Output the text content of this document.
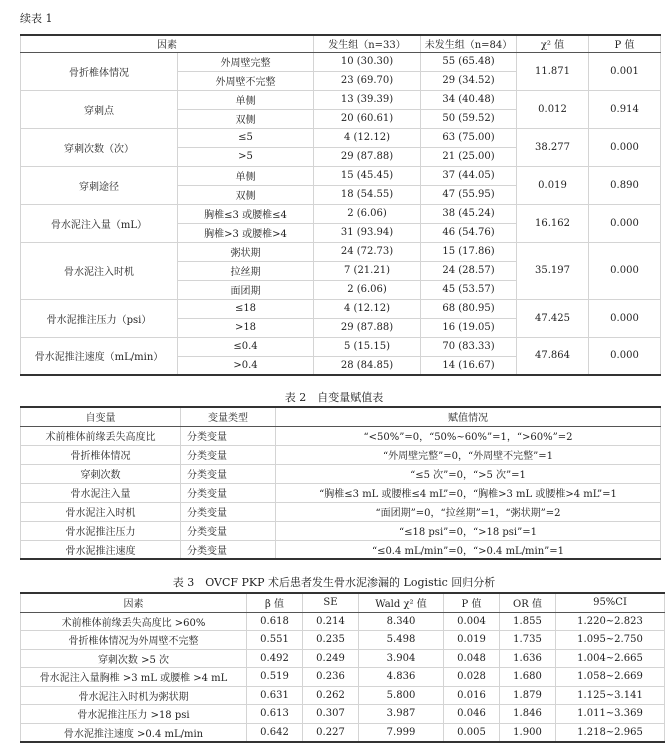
续表 1
因素		发生组（n=33）	未发生组（n=84）	χ² 值	P 值
骨折椎体情况	外周壁完整	10 (30.30)	55 (65.48)	11.871	0.001
	外周壁不完整	23 (69.70)	29 (34.52)		
穿刺点	单侧	13 (39.39)	34 (40.48)	0.012	0.914
	双侧	20 (60.61)	50 (59.52)		
穿刺次数（次）	≤5	4 (12.12)	63 (75.00)	38.277	0.000
	>5	29 (87.88)	21 (25.00)		
穿刺途径	单侧	15 (45.45)	37 (44.05)	0.019	0.890
	双侧	18 (54.55)	47 (55.95)		
骨水泥注入量（mL）	胸椎≤3 或腰椎≤4	2 (6.06)	38 (45.24)	16.162	0.000
	胸椎>3 或腰椎>4	31 (93.94)	46 (54.76)		
骨水泥注入时机	粥状期	24 (72.73)	15 (17.86)	35.197	0.000
	拉丝期	7 (21.21)	24 (28.57)		
	面团期	2 (6.06)	45 (53.57)		
骨水泥推注压力（psi）	≤18	4 (12.12)	68 (80.95)	47.425	0.000
	>18	29 (87.88)	16 (19.05)		
骨水泥推注速度（mL/min）	≤0.4	5 (15.15)	70 (83.33)	47.864	0.000
	>0.4	28 (84.85)	14 (16.67)		
表 2　自变量赋值表
自变量	变量类型	赋值情况
术前椎体前缘丢失高度比	分类变量	“<50%”=0，“50%~60%”=1，“>60%”=2
骨折椎体情况	分类变量	“外周壁完整”=0，“外周壁不完整”=1
穿刺次数	分类变量	“≤5 次”=0，“>5 次”=1
骨水泥注入量	分类变量	“胸椎≤3 mL 或腰椎≤4 mL”=0，“胸椎>3 mL 或腰椎>4 mL”=1
骨水泥注入时机	分类变量	“面团期”=0，“拉丝期”=1，“粥状期”=2
骨水泥推注压力	分类变量	“≤18 psi”=0，“>18 psi”=1
骨水泥推注速度	分类变量	“≤0.4 mL/min”=0，“>0.4 mL/min”=1
表 3　OVCF PKP 术后患者发生骨水泥渗漏的 Logistic 回归分析
因素	β 值	SE	Wald χ² 值	P 值	OR 值	95%CI
术前椎体前缘丢失高度比 >60%	0.618	0.214	8.340	0.004	1.855	1.220~2.823
骨折椎体情况为外周壁不完整	0.551	0.235	5.498	0.019	1.735	1.095~2.750
穿刺次数 >5 次	0.492	0.249	3.904	0.048	1.636	1.004~2.665
骨水泥注入量胸椎 >3 mL 或腰椎 >4 mL	0.519	0.236	4.836	0.028	1.680	1.058~2.669
骨水泥注入时机为粥状期	0.631	0.262	5.800	0.016	1.879	1.125~3.141
骨水泥推注压力 >18 psi	0.613	0.307	3.987	0.046	1.846	1.011~3.369
骨水泥推注速度 >0.4 mL/min	0.642	0.227	7.999	0.005	1.900	1.218~2.965
